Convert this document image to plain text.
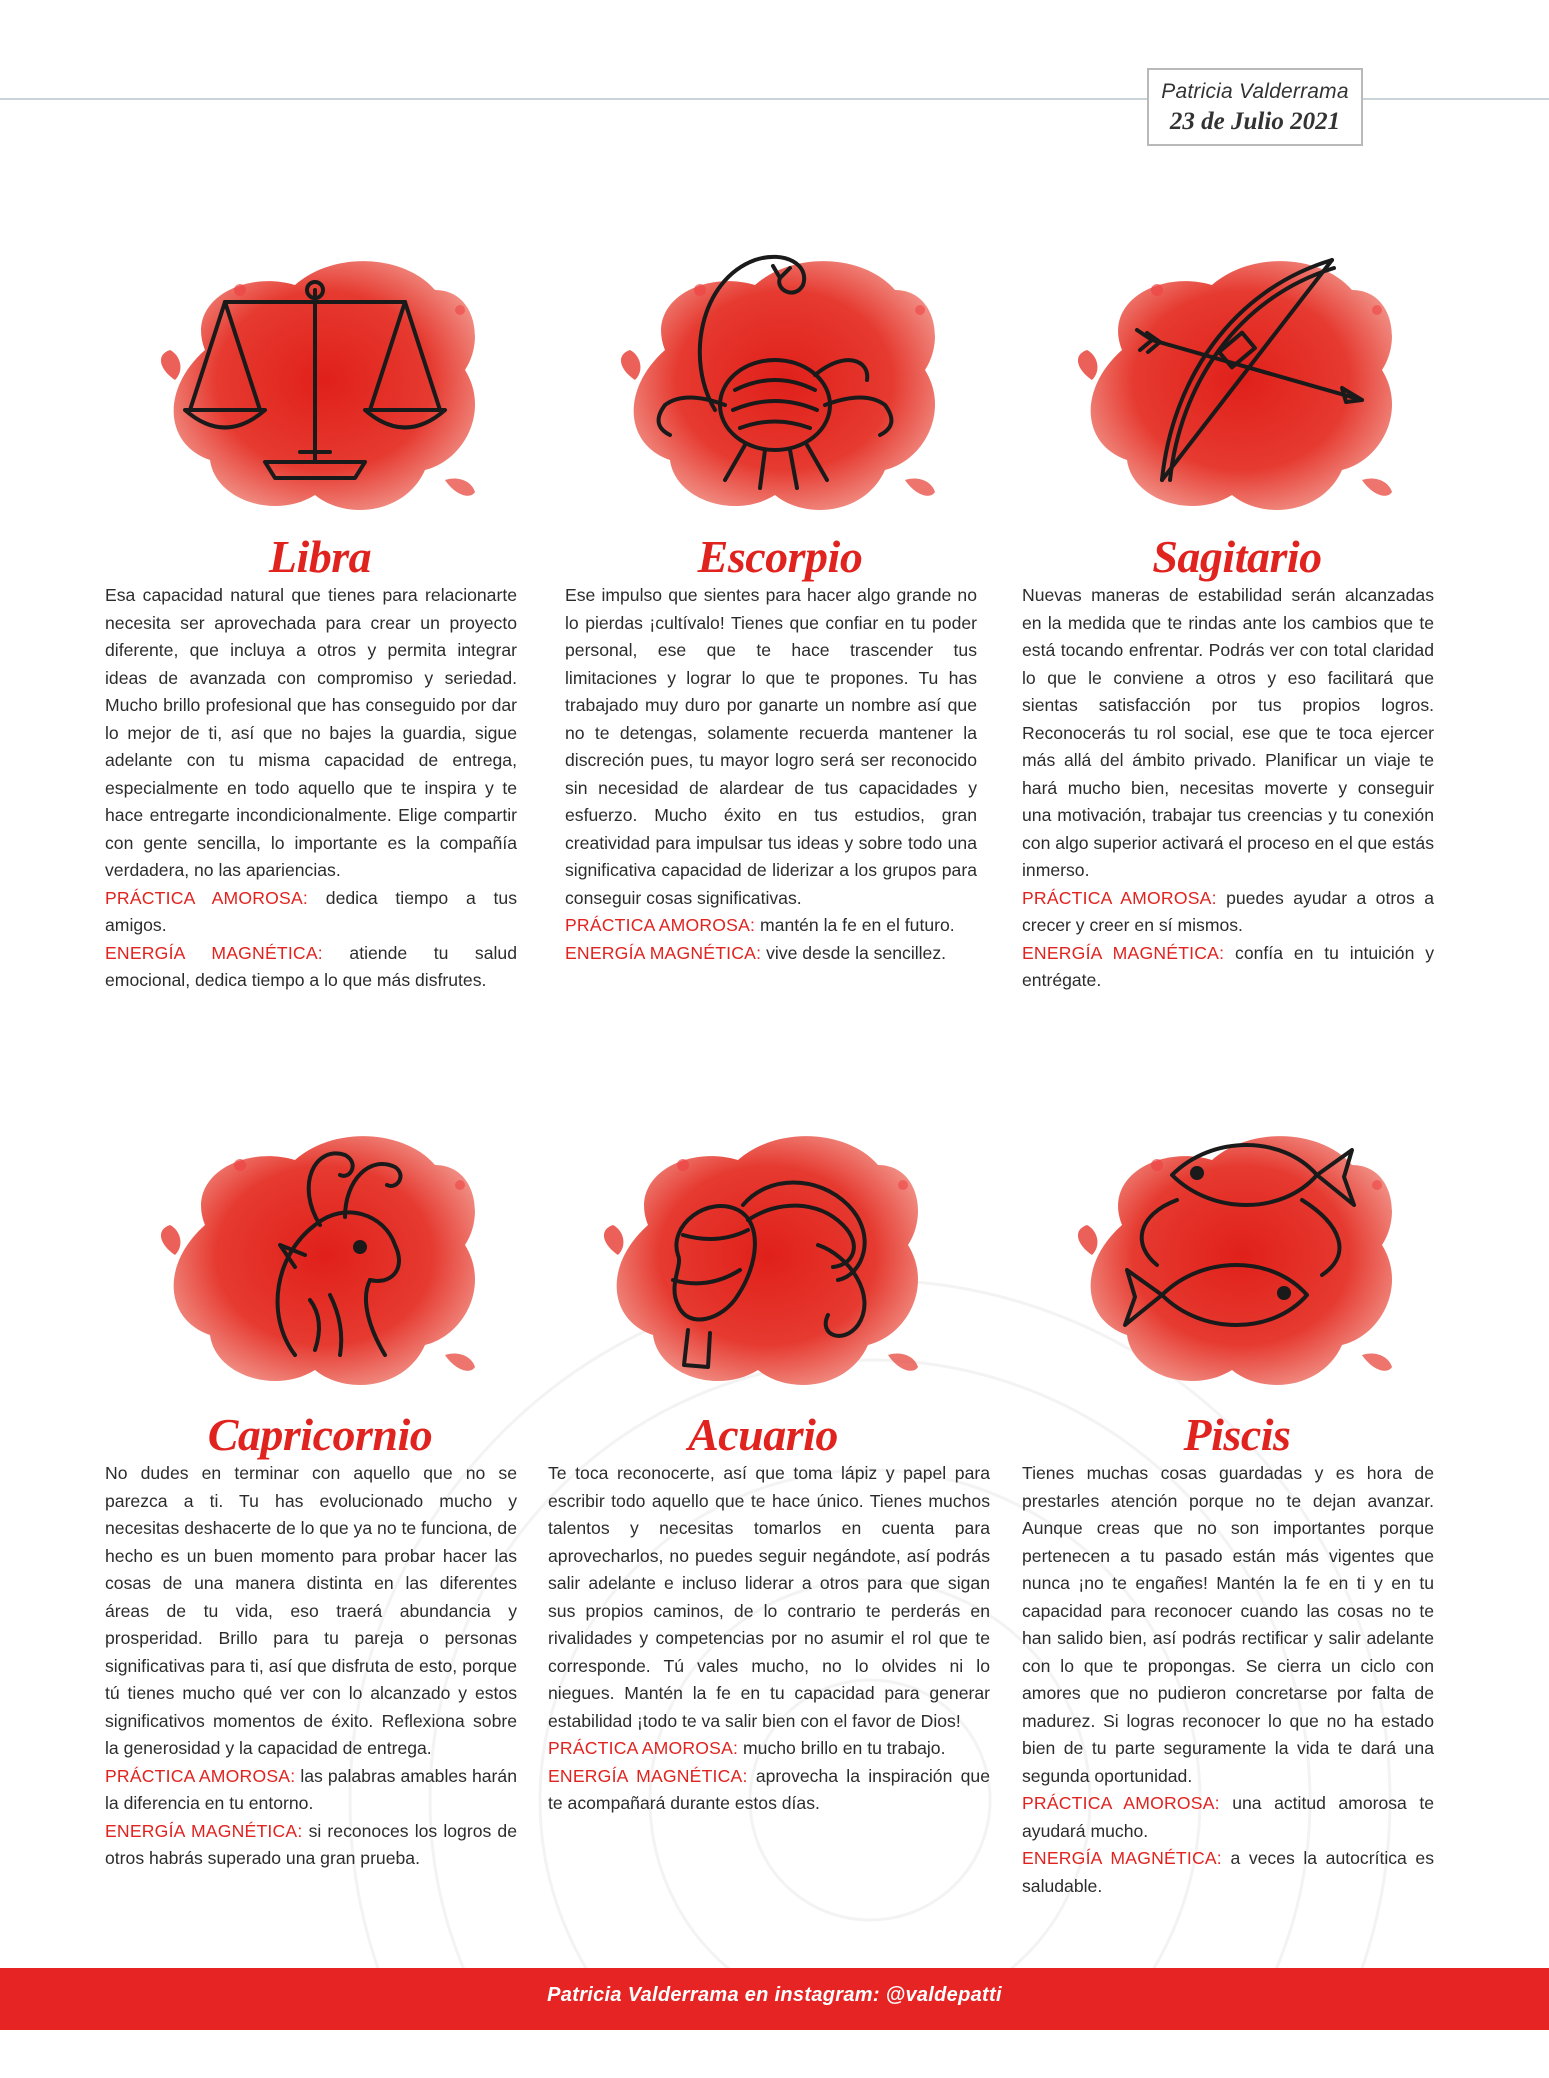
Patricia Valderrama
23 de Julio 2021
Libra

Esa capacidad natural que tienes para relacionarte necesita ser aprovechada para crear un proyecto diferente, que incluya a otros y permita integrar ideas de avanzada con compromiso y seriedad. Mucho brillo profesional que has conseguido por dar lo mejor de ti, así que no bajes la guardia, sigue adelante con tu misma capacidad de entrega, especialmente en todo aquello que te inspira y te hace entregarte incondicionalmente. Elige compartir con gente sencilla, lo importante es la compañía verdadera, no las apariencias.

PRÁCTICA AMOROSA: dedica tiempo a tus amigos.

ENERGÍA MAGNÉTICA: atiende tu salud emocional, dedica tiempo a lo que más disfrutes.

Escorpio

Ese impulso que sientes para hacer algo grande no lo pierdas ¡cultívalo! Tienes que confiar en tu poder personal, ese que te hace trascender tus limitaciones y lograr lo que te propones. Tu has trabajado muy duro por ganarte un nombre así que no te detengas, solamente recuerda mantener la discreción pues, tu mayor logro será ser reconocido sin necesidad de alardear de tus capacidades y esfuerzo. Mucho éxito en tus estudios, gran creatividad para impulsar tus ideas y sobre todo una significativa capacidad de liderizar a los grupos para conseguir cosas significativas.

PRÁCTICA AMOROSA: mantén la fe en el futuro.

ENERGÍA MAGNÉTICA: vive desde la sencillez.

Sagitario

Nuevas maneras de estabilidad serán alcanzadas en la medida que te rindas ante los cambios que te está tocando enfrentar. Podrás ver con total claridad lo que le conviene a otros y eso facilitará que sientas satisfacción por tus propios logros. Reconocerás tu rol social, ese que te toca ejercer más allá del ámbito privado. Planificar un viaje te hará mucho bien, necesitas moverte y conseguir una motivación, trabajar tus creencias y tu conexión con algo superior activará el proceso en el que estás inmerso.

PRÁCTICA AMOROSA: puedes ayudar a otros a crecer y creer en sí mismos.

ENERGÍA MAGNÉTICA: confía en tu intuición y entrégate.

Capricornio

No dudes en terminar con aquello que no se parezca a ti. Tu has evolucionado mucho y necesitas deshacerte de lo que ya no te funciona, de hecho es un buen momento para probar hacer las cosas de una manera distinta en las diferentes áreas de tu vida, eso traerá abundancia y prosperidad. Brillo para tu pareja o personas significativas para ti, así que disfruta de esto, porque tú tienes mucho qué ver con lo alcanzado y estos significativos momentos de éxito. Reflexiona sobre la generosidad y la capacidad de entrega.

PRÁCTICA AMOROSA: las palabras amables harán la diferencia en tu entorno.

ENERGÍA MAGNÉTICA: si reconoces los logros de otros habrás superado una gran prueba.

Acuario

Te toca reconocerte, así que toma lápiz y papel para escribir todo aquello que te hace único. Tienes muchos talentos y necesitas tomarlos en cuenta para aprovecharlos, no puedes seguir negándote, así podrás salir adelante e incluso liderar a otros para que sigan sus propios caminos, de lo contrario te perderás en rivalidades y competencias por no asumir el rol que te corresponde. Tú vales mucho, no lo olvides ni lo niegues. Mantén la fe en tu capacidad para generar estabilidad ¡todo te va salir bien con el favor de Dios!

PRÁCTICA AMOROSA: mucho brillo en tu trabajo.

ENERGÍA MAGNÉTICA: aprovecha la inspiración que te acompañará durante estos días.

Piscis

Tienes muchas cosas guardadas y es hora de prestarles atención porque no te dejan avanzar. Aunque creas que no son importantes porque pertenecen a tu pasado están más vigentes que nunca ¡no te engañes! Mantén la fe en ti y en tu capacidad para reconocer cuando las cosas no te han salido bien, así podrás rectificar y salir adelante con lo que te propongas. Se cierra un ciclo con amores que no pudieron concretarse por falta de madurez. Si logras reconocer lo que no ha estado bien de tu parte seguramente la vida te dará una segunda oportunidad.

PRÁCTICA AMOROSA: una actitud amorosa te ayudará mucho.

ENERGÍA MAGNÉTICA: a veces la autocrítica es saludable.

Patricia Valderrama en instagram: @valdepatti
